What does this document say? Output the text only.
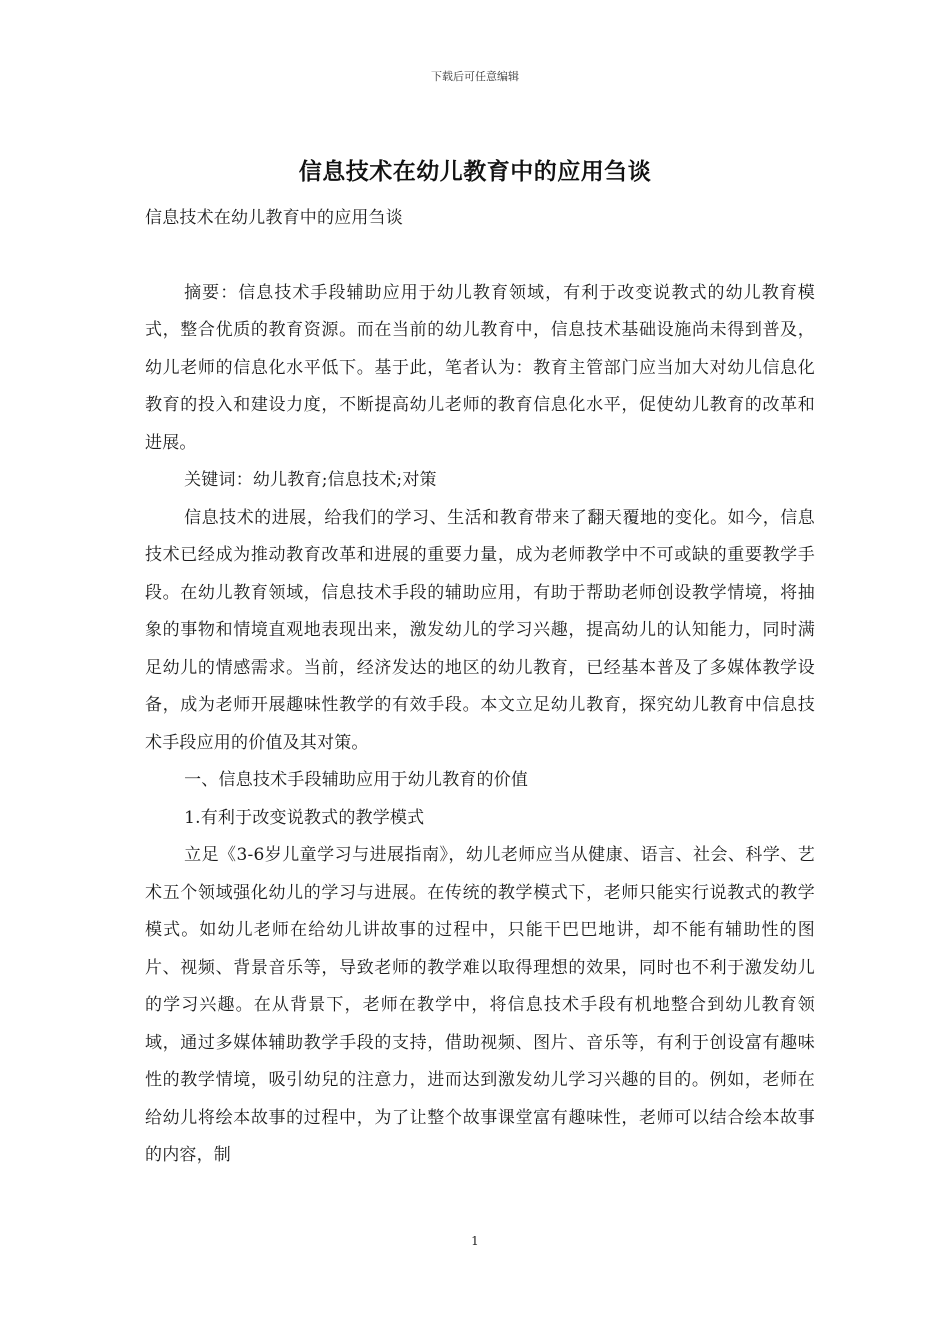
下载后可任意编辑
信息技术在幼儿教育中的应用刍谈

信息技术在幼儿教育中的应用刍谈

摘要：信息技术手段辅助应用于幼儿教育领域，有利于改变说教式的幼儿教育模式，整合优质的教育资源。而在当前的幼儿教育中，信息技术基础设施尚未得到普及，幼儿老师的信息化水平低下。基于此，笔者认为：教育主管部门应当加大对幼儿信息化教育的投入和建设力度，不断提高幼儿老师的教育信息化水平，促使幼儿教育的改革和进展。

关键词：幼儿教育;信息技术;对策

信息技术的进展，给我们的学习、生活和教育带来了翻天覆地的变化。如今，信息技术已经成为推动教育改革和进展的重要力量，成为老师教学中不可或缺的重要教学手段。在幼儿教育领域，信息技术手段的辅助应用，有助于帮助老师创设教学情境，将抽象的事物和情境直观地表现出来，激发幼儿的学习兴趣，提高幼儿的认知能力，同时满足幼儿的情感需求。当前，经济发达的地区的幼儿教育，已经基本普及了多媒体教学设备，成为老师开展趣味性教学的有效手段。本文立足幼儿教育，探究幼儿教育中信息技术手段应用的价值及其对策。

一、信息技术手段辅助应用于幼儿教育的价值

1.有利于改变说教式的教学模式

立足《3-6岁儿童学习与进展指南》，幼儿老师应当从健康、语言、社会、科学、艺术五个领域强化幼儿的学习与进展。在传统的教学模式下，老师只能实行说教式的教学模式。如幼儿老师在给幼儿讲故事的过程中，只能干巴巴地讲，却不能有辅助性的图片、视频、背景音乐等，导致老师的教学难以取得理想的效果，同时也不利于激发幼儿的学习兴趣。在从背景下，老师在教学中，将信息技术手段有机地整合到幼儿教育领域，通过多媒体辅助教学手段的支持，借助视频、图片、音乐等，有利于创设富有趣味性的教学情境，吸引幼兒的注意力，进而达到激发幼儿学习兴趣的目的。例如，老师在给幼儿将绘本故事的过程中，为了让整个故事课堂富有趣味性，老师可以结合绘本故事的内容，制

1
